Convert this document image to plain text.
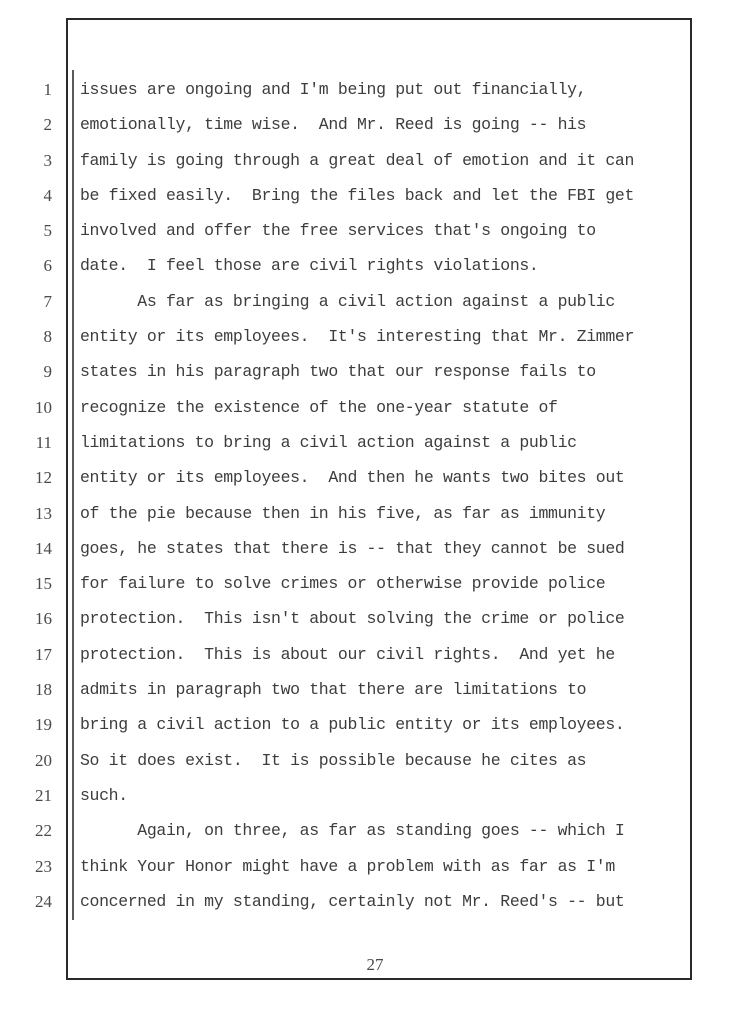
1
2
3
4
5
6
7
8
9
10
11
12
13
14
15
16
17
18
19
20
21
22
23
24
issues are ongoing and I'm being put out financially,
emotionally, time wise.  And Mr. Reed is going -- his
family is going through a great deal of emotion and it can
be fixed easily.  Bring the files back and let the FBI get
involved and offer the free services that's ongoing to
date.  I feel those are civil rights violations.
As far as bringing a civil action against a public
entity or its employees.  It's interesting that Mr. Zimmer
states in his paragraph two that our response fails to
recognize the existence of the one-year statute of
limitations to bring a civil action against a public
entity or its employees.  And then he wants two bites out
of the pie because then in his five, as far as immunity
goes, he states that there is -- that they cannot be sued
for failure to solve crimes or otherwise provide police
protection.  This isn't about solving the crime or police
protection.  This is about our civil rights.  And yet he
admits in paragraph two that there are limitations to
bring a civil action to a public entity or its employees.
So it does exist.  It is possible because he cites as
such.
Again, on three, as far as standing goes -- which I
think Your Honor might have a problem with as far as I'm
concerned in my standing, certainly not Mr. Reed's -- but
27
